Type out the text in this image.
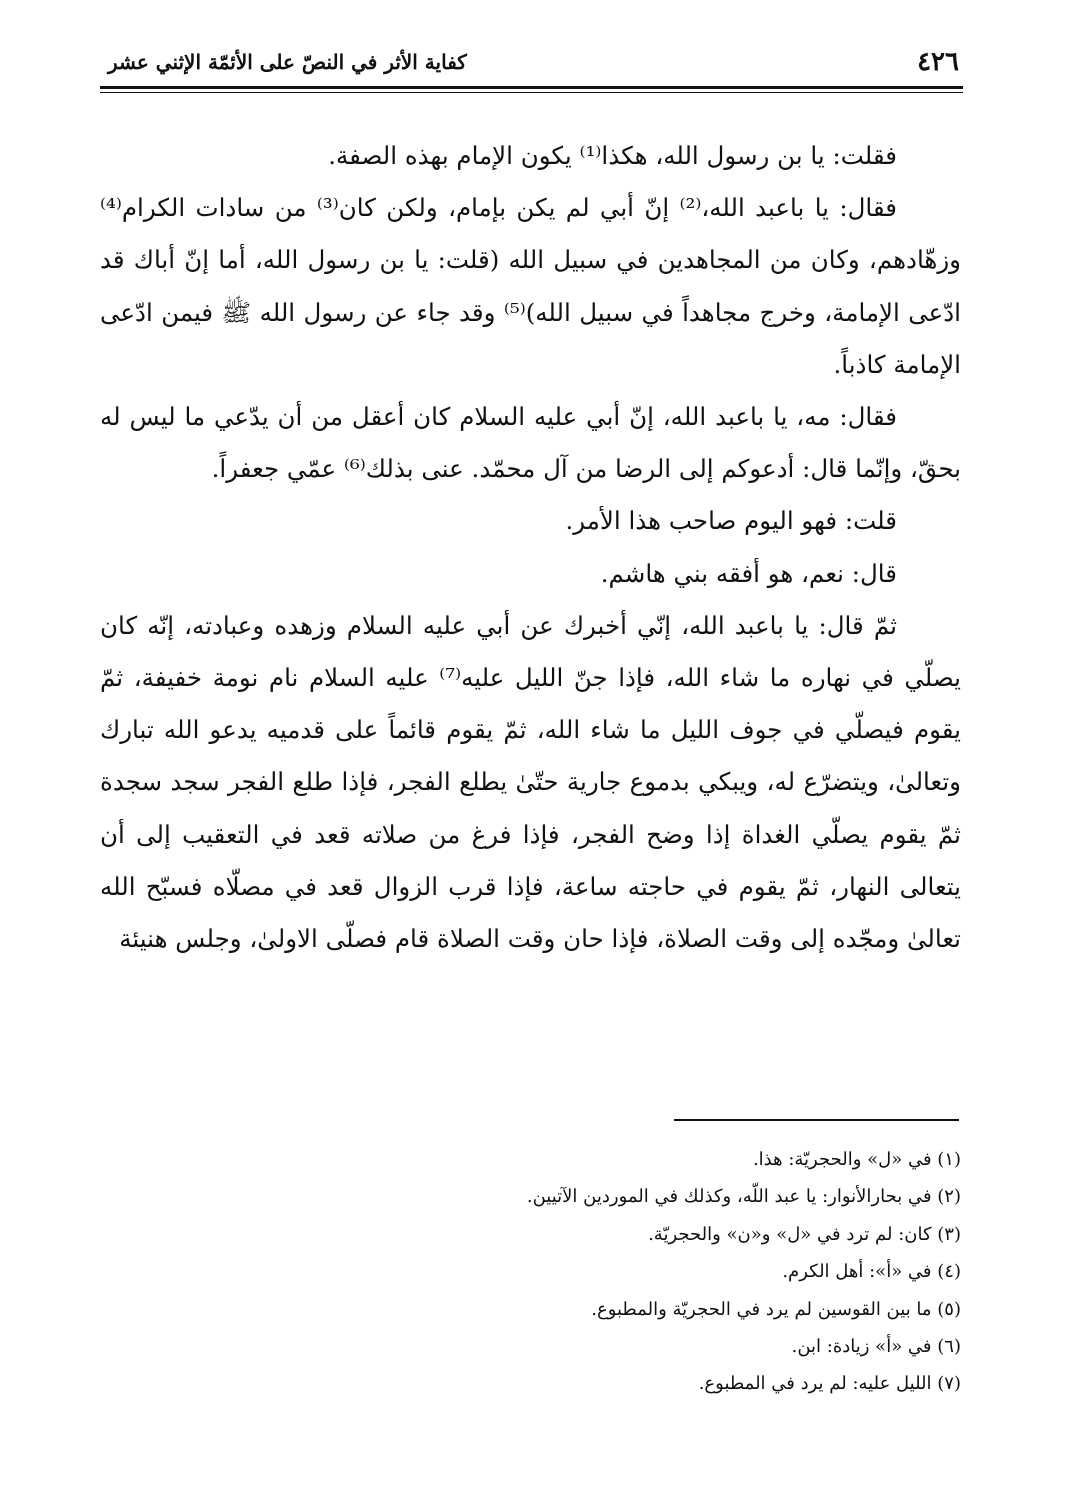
٤٢٦
كفاية الأثر في النصّ على الأئمّة الإثني عشر

فقلت: يا بن رسول الله، هكذا⁽¹⁾ يكون الإمام بهذه الصفة.

فقال: يا باعبد الله،⁽²⁾ إنّ أبي لم يكن بإمام، ولكن كان⁽³⁾ من سادات الكرام⁽⁴⁾ وزهّادهم، وكان من المجاهدين في سبيل الله (قلت: يا بن رسول الله، أما إنّ أباك قد ادّعى الإمامة، وخرج مجاهداً في سبيل الله)⁽⁵⁾ وقد جاء عن رسول الله ﷺ فيمن ادّعى الإمامة كاذباً.

فقال: مه، يا باعبد الله، إنّ أبي عليه السلام كان أعقل من أن يدّعي ما ليس له بحقّ، وإنّما قال: أدعوكم إلى الرضا من آل محمّد. عنى بذلك⁽⁶⁾ عمّي جعفراً.

قلت: فهو اليوم صاحب هذا الأمر.

قال: نعم، هو أفقه بني هاشم.

ثمّ قال: يا باعبد الله، إنّي أخبرك عن أبي عليه السلام وزهده وعبادته، إنّه كان يصلّي في نهاره ما شاء الله، فإذا جنّ الليل عليه⁽⁷⁾ عليه السلام نام نومة خفيفة، ثمّ يقوم فيصلّي في جوف الليل ما شاء الله، ثمّ يقوم قائماً على قدميه يدعو الله تبارك وتعالىٰ، ويتضرّع له، ويبكي بدموع جارية حتّىٰ يطلع الفجر، فإذا طلع الفجر سجد سجدة ثمّ يقوم يصلّي الغداة إذا وضح الفجر، فإذا فرغ من صلاته قعد في التعقيب إلى أن يتعالى النهار، ثمّ يقوم في حاجته ساعة، فإذا قرب الزوال قعد في مصلّاه فسبّح الله تعالىٰ ومجّده إلى وقت الصلاة، فإذا حان وقت الصلاة قام فصلّى الاولىٰ، وجلس هنيئة

(١) في «ل» والحجريّة: هذا.

(٢) في بحارالأنوار: يا عبد اللّه، وكذلك في الموردين الآتيين.

(٣) كان: لم ترد في «ل» و«ن» والحجريّة.

(٤) في «أ»: أهل الكرم.

(٥) ما بين القوسين لم يرد في الحجريّة والمطبوع.

(٦) في «أ» زيادة: ابن.

(٧) الليل عليه: لم يرد في المطبوع.
